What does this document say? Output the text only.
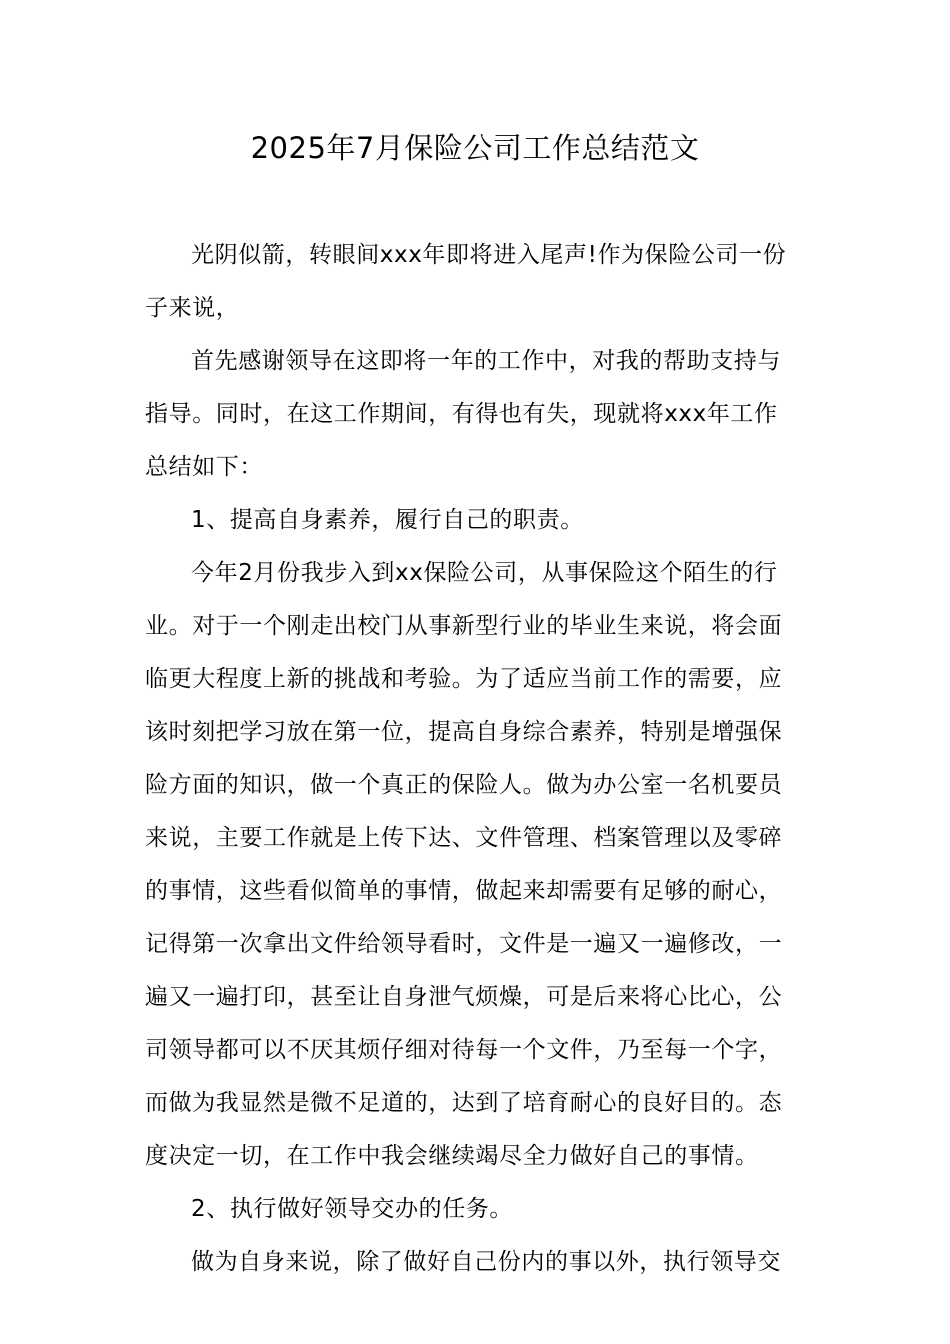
2025年7月保险公司工作总结范文
光阴似箭，转眼间xxx年即将进入尾声!作为保险公司一份
子来说，
首先感谢领导在这即将一年的工作中，对我的帮助支持与
指导。同时，在这工作期间，有得也有失，现就将xxx年工作
总结如下：
1、提高自身素养，履行自己的职责。
今年2月份我步入到xx保险公司，从事保险这个陌生的行
业。对于一个刚走出校门从事新型行业的毕业生来说，将会面
临更大程度上新的挑战和考验。为了适应当前工作的需要，应
该时刻把学习放在第一位，提高自身综合素养，特别是增强保
险方面的知识，做一个真正的保险人。做为办公室一名机要员
来说，主要工作就是上传下达、文件管理、档案管理以及零碎
的事情，这些看似简单的事情，做起来却需要有足够的耐心，
记得第一次拿出文件给领导看时，文件是一遍又一遍修改，一
遍又一遍打印，甚至让自身泄气烦燥，可是后来将心比心，公
司领导都可以不厌其烦仔细对待每一个文件，乃至每一个字，
而做为我显然是微不足道的，达到了培育耐心的良好目的。态
度决定一切，在工作中我会继续竭尽全力做好自己的事情。
2、执行做好领导交办的任务。
做为自身来说，除了做好自己份内的事以外，执行领导交
